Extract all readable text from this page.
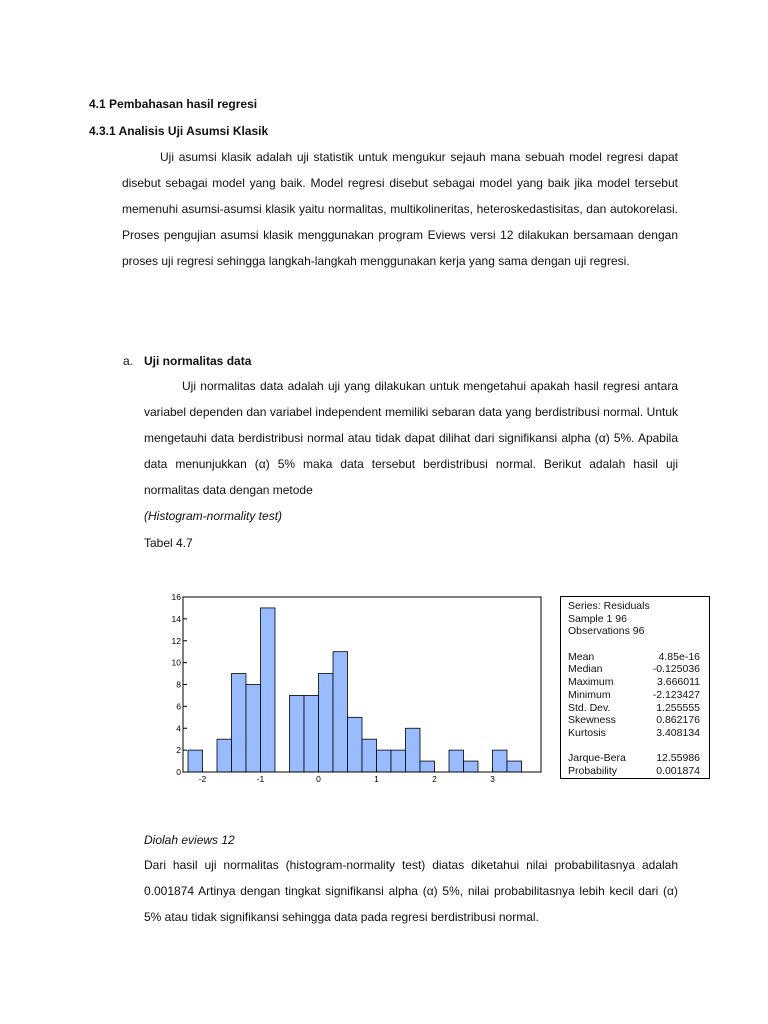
4.1 Pembahasan hasil regresi
4.3.1 Analisis Uji Asumsi Klasik
Uji asumsi klasik adalah uji statistik untuk mengukur sejauh mana sebuah model regresi dapat disebut sebagai model yang baik. Model regresi disebut sebagai model yang baik jika model tersebut memenuhi asumsi-asumsi klasik yaitu normalitas, multikolineritas, heteroskedastisitas, dan autokorelasi. Proses pengujian asumsi klasik menggunakan program Eviews versi 12 dilakukan bersamaan dengan proses uji regresi sehingga langkah-langkah menggunakan kerja yang sama dengan uji regresi.
a. Uji normalitas data
Uji normalitas data adalah uji yang dilakukan untuk mengetahui apakah hasil regresi antara variabel dependen dan variabel independent memiliki sebaran data yang berdistribusi normal. Untuk mengetauhi data berdistribusi normal atau tidak dapat dilihat dari signifikansi alpha (α) 5%. Apabila data menunjukkan (α) 5% maka data tersebut berdistribusi normal. Berikut adalah hasil uji normalitas data dengan metode
(Histogram-normality test)
Tabel 4.7
0
2
4
6
8
10
12
14
16
-2	-1	0	1	2	3
Series: Residuals
Sample 1 96
Observations 96
Mean	4.85e-16
Median	-0.125036
Maximum	3.666011
Minimum	-2.123427
Std. Dev.	1.255555
Skewness	0.862176
Kurtosis	3.408134
Jarque-Bera	12.55986
Probability	0.001874
Diolah eviews 12
Dari hasil uji normalitas (histogram-normality test) diatas diketahui nilai probabilitasnya adalah 0.001874 Artinya dengan tingkat signifikansi alpha (α) 5%, nilai probabilitasnya lebih kecil dari (α) 5% atau tidak signifikansi sehingga data pada regresi berdistribusi normal.
